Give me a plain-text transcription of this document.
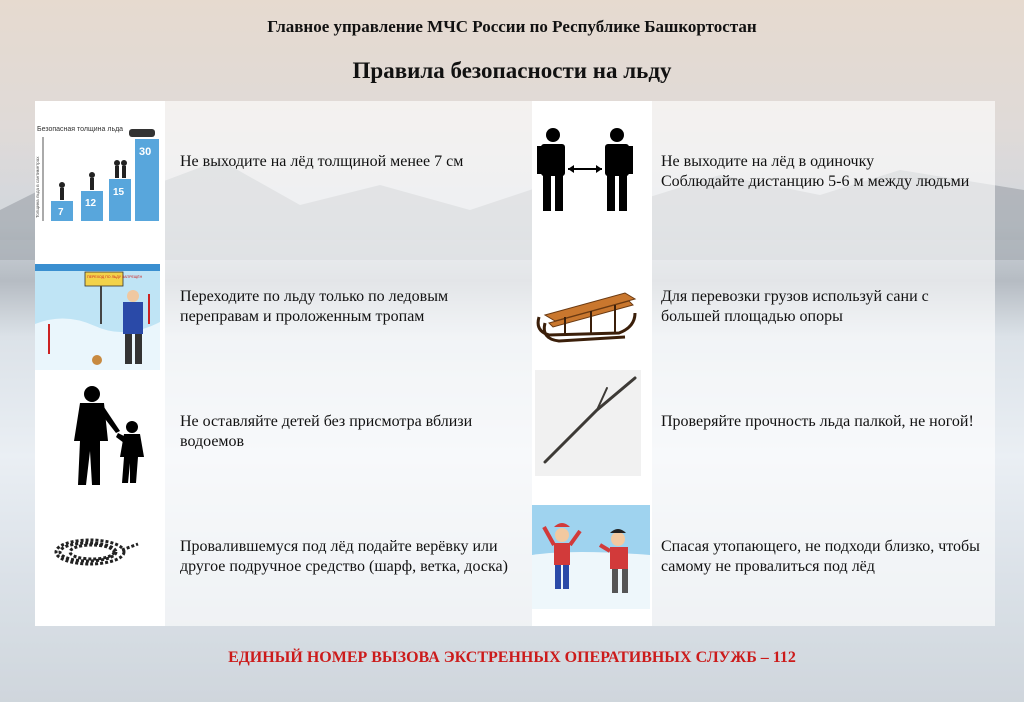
Главное управление МЧС России по Республике Башкортостан
Правила безопасности на льду
Безопасная толщина льда
Толщина льда в сантиметрах 7
12
15
30
Не выходите на лёд толщиной менее 7 см	Не выходите на лёд в одиночку
Соблюдайте дистанцию 5-6 м между людьми
ПЕРЕХОД ПО ЛЬДУ ЗАПРЕЩЁН
Переходите по льду только по ледовым переправам и проложенным тропам
Для перевозки грузов используй сани с большей площадью опоры
Не оставляйте детей без присмотра вблизи водоемов
Проверяйте прочность льда палкой, не ногой!
Провалившемуся под лёд подайте верёвку или другое подручное средство (шарф, ветка, доска)
Спасая утопающего, не подходи близко, чтобы самому не провалиться под лёд
ЕДИНЫЙ НОМЕР ВЫЗОВА ЭКСТРЕННЫХ ОПЕРАТИВНЫХ СЛУЖБ – 112
